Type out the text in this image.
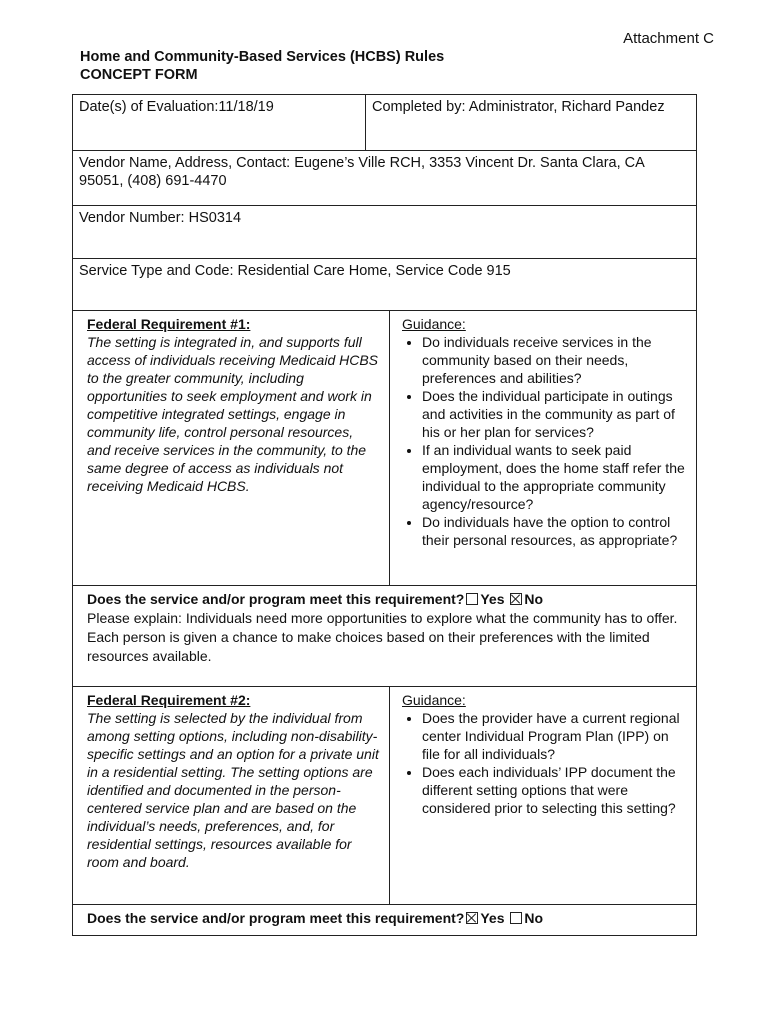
Attachment C
Home and Community-Based Services (HCBS) Rules
CONCEPT FORM
Date(s) of Evaluation:11/18/19	Completed by: Administrator, Richard Pandez
Vendor Name, Address, Contact: Eugene’s Ville RCH, 3353 Vincent Dr. Santa Clara, CA 95051, (408) 691-4470
Vendor Number: HS0314
Service Type and Code: Residential Care Home, Service Code 915
Federal Requirement #1:
The setting is integrated in, and supports full access of individuals receiving Medicaid HCBS to the greater community, including opportunities to seek employment and work in competitive integrated settings, engage in community life, control personal resources, and receive services in the community, to the same degree of access as individuals not receiving Medicaid HCBS.
Guidance:
• Do individuals receive services in the community based on their needs, preferences and abilities?
• Does the individual participate in outings and activities in the community as part of his or her plan for services?
• If an individual wants to seek paid employment, does the home staff refer the individual to the appropriate community agency/resource?
• Do individuals have the option to control their personal resources, as appropriate?
Does the service and/or program meet this requirement? Yes No
Please explain: Individuals need more opportunities to explore what the community has to offer. Each person is given a chance to make choices based on their preferences with the limited resources available.
Federal Requirement #2:
The setting is selected by the individual from among setting options, including non-disability-specific settings and an option for a private unit in a residential setting. The setting options are identified and documented in the person-centered service plan and are based on the individual’s needs, preferences, and, for residential settings, resources available for room and board.
Guidance:
• Does the provider have a current regional center Individual Program Plan (IPP) on file for all individuals?
• Does each individuals’ IPP document the different setting options that were considered prior to selecting this setting?
Does the service and/or program meet this requirement? Yes No
